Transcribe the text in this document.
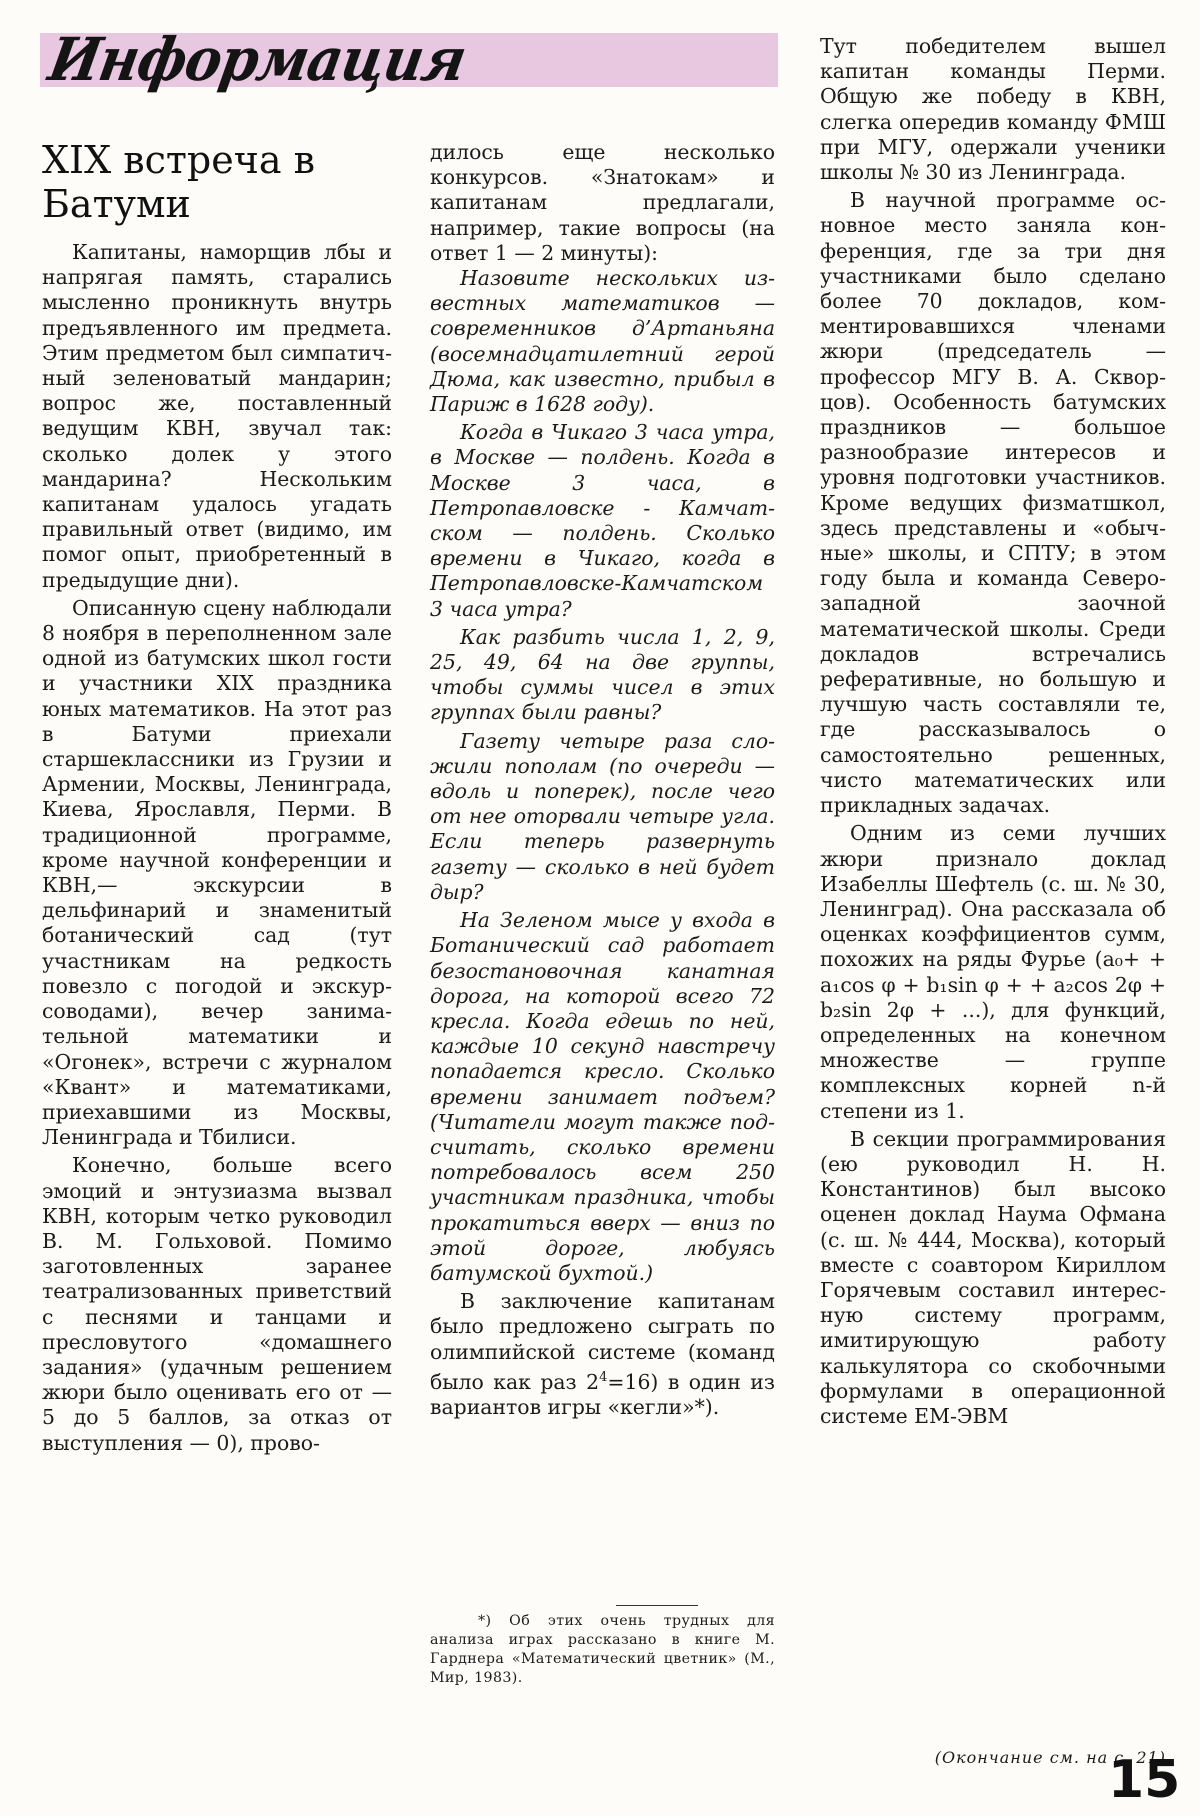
Информация
XIX встреча в Батуми

Капитаны, наморщив лбы и напрягая память, старались мысленно проникнуть внутрь предъявленного им предмета. Этим предметом был симпатичный зеленоватый мандарин; вопрос же, поставленный ведущим КВН, звучал так: сколько долек у этого мандарина? Нескольким капитанам удалось угадать правильный ответ (видимо, им помог опыт, приобретенный в предыдущие дни).

Описанную сцену наблюдали 8 ноября в переполненном зале одной из батумских школ гости и участники XIX праздника юных математиков. На этот раз в Батуми приехали старшеклассники из Грузии и Армении, Москвы, Ленинграда, Киева, Ярославля, Перми. В традиционной программе, кроме научной конференции и КВН,— экскурсии в дельфинарий и знаменитый ботанический сад (тут участникам на редкость повезло с погодой и экскурсоводами), вечер занимательной математики и «Огонек», встречи с журналом «Квант» и математиками, приехавшими из Москвы, Ленинграда и Тбилиси.

Конечно, больше всего эмоций и энтузиазма вызвал КВН, которым четко руководил В. М. Гольховой. Помимо заготовленных заранее театрализованных приветствий с песнями и танцами и пресловутого «домашнего задания» (удачным решением жюри было оценивать его от —5 до 5 баллов, за отказ от выступления — 0), прово-

дилось еще несколько конкурсов. «Знатокам» и капитанам предлагали, например, такие вопросы (на ответ 1 — 2 минуты):

Назовите нескольких известных математиков — современников д’Артаньяна (восемнадцатилетний герой Дюма, как известно, прибыл в Париж в 1628 году).

Когда в Чикаго 3 часа утра, в Москве — полдень. Когда в Москве 3 часа, в Петропавловске - Камчатском — полдень. Сколько времени в Чикаго, когда в Петропавловске-Камчатском 3 часа утра?

Как разбить числа 1, 2, 9, 25, 49, 64 на две группы, чтобы суммы чисел в этих группах были равны?

Газету четыре раза сложили пополам (по очереди — вдоль и поперек), после чего от нее оторвали четыре угла. Если теперь развернуть газету — сколько в ней будет дыр?

На Зеленом мысе у входа в Ботанический сад работает безостановочная канатная дорога, на которой всего 72 кресла. Когда едешь по ней, каждые 10 секунд навстречу попадается кресло. Сколько времени занимает подъем? (Читатели могут также подсчитать, сколько времени потребовалось всем 250 участникам праздника, чтобы прокатиться вверх — вниз по этой дороге, любуясь батумской бухтой.)

В заключение капитанам было предложено сыграть по олимпийской системе (команд было как раз $2^4=16$) в один из вариантов игры «кегли»*).

*) Об этих очень трудных для анализа играх рассказано в книге М. Гарднера «Математический цветник» (М., Мир, 1983).

Тут победителем вышел капитан команды Перми. Общую же победу в КВН, слегка опередив команду ФМШ при МГУ, одержали ученики школы № 30 из Ленинграда.

В научной программе основное место заняла конференция, где за три дня участниками было сделано более 70 докладов, комментировавшихся членами жюри (председатель — профессор МГУ В. А. Скворцов). Особенность батумских праздников — большое разнообразие интересов и уровня подготовки участников. Кроме ведущих физматшкол, здесь представлены и «обычные» школы, и СПТУ; в этом году была и команда Северо-западной заочной математической школы. Среди докладов встречались реферативные, но большую и лучшую часть составляли те, где рассказывалось о самостоятельно решенных, чисто математических или прикладных задачах.

Одним из семи лучших жюри признало доклад Изабеллы Шефтель (с. ш. № 30, Ленинград). Она рассказала об оценках коэффициентов сумм, похожих на ряды Фурье (a₀+ + a₁cos φ + b₁sin φ + + a₂cos 2φ + b₂sin 2φ + ...), для функций, определенных на конечном множестве — группе комплексных корней n-й степени из 1.

В секции программирования (ею руководил Н. Н. Константинов) был высоко оценен доклад Наума Офмана (с. ш. № 444, Москва), который вместе с соавтором Кириллом Горячевым составил интересную систему программ, имитирующую работу калькулятора со скобочными формулами в операционной системе ЕМ-ЭВМ

(Окончание см. на с. 21)
15
